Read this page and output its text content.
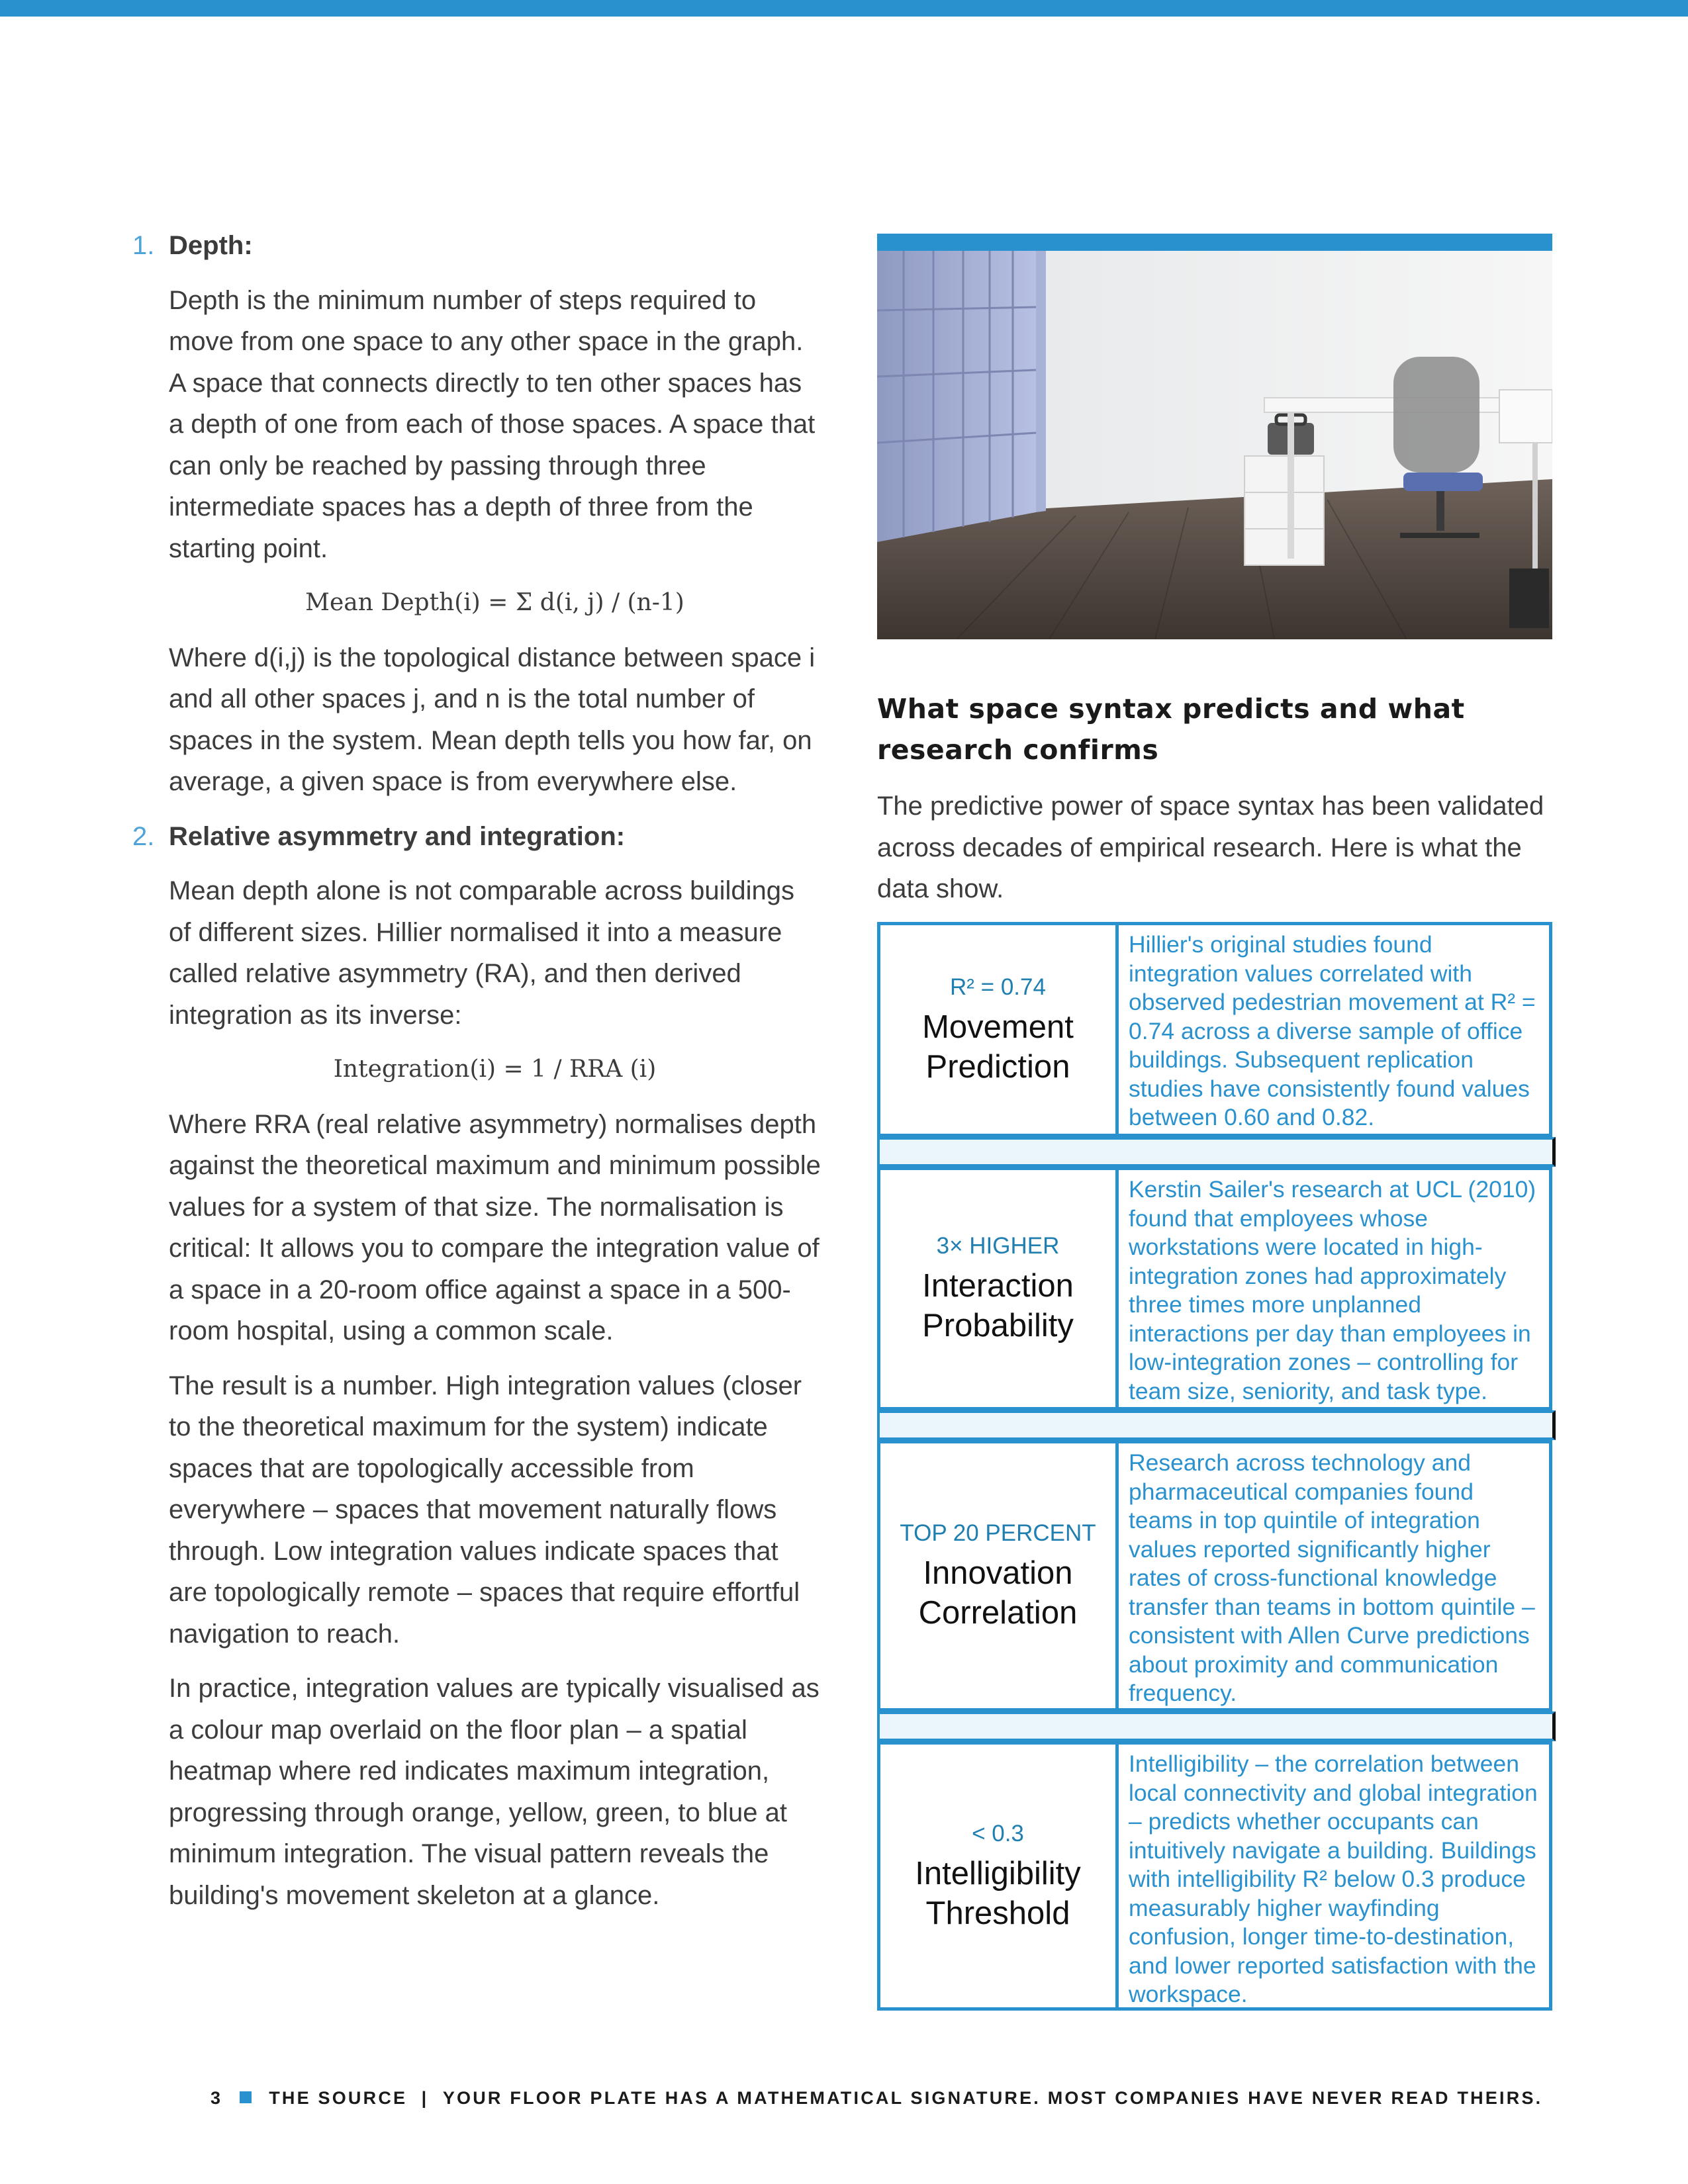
1. Depth:

Depth is the minimum number of steps required to move from one space to any other space in the graph. A space that connects directly to ten other spaces has a depth of one from each of those spaces. A space that can only be reached by passing through three intermediate spaces has a depth of three from the starting point.

Mean Depth(i) = Σ d(i, j) / (n-1)

Where d(i,j) is the topological distance between space i and all other spaces j, and n is the total number of spaces in the system. Mean depth tells you how far, on average, a given space is from everywhere else.

2. Relative asymmetry and integration:

Mean depth alone is not comparable across buildings of different sizes. Hillier normalised it into a measure called relative asymmetry (RA), and then derived integration as its inverse:

Integration(i) = 1 / RRA (i)

Where RRA (real relative asymmetry) normalises depth against the theoretical maximum and minimum possible values for a system of that size. The normalisation is critical: It allows you to compare the integration value of a space in a 20-room office against a space in a 500-room hospital, using a common scale.

The result is a number. High integration values (closer to the theoretical maximum for the system) indicate spaces that are topologically accessible from everywhere – spaces that movement naturally flows through. Low integration values indicate spaces that are topologically remote – spaces that require effortful navigation to reach.

In practice, integration values are typically visualised as a colour map overlaid on the floor plan – a spatial heatmap where red indicates maximum integration, progressing through orange, yellow, green, to blue at minimum integration. The visual pattern reveals the building's movement skeleton at a glance.

What space syntax predicts and what research confirms
The predictive power of space syntax has been validated across decades of empirical research. Here is what the data show.
R² = 0.74
Movement
Prediction
Hillier's original studies found integration values correlated with observed pedestrian movement at R² = 0.74 across a diverse sample of office buildings. Subsequent replication studies have consistently found values between 0.60 and 0.82.
3× HIGHER
Interaction
Probability
Kerstin Sailer's research at UCL (2010) found that employees whose workstations were located in high-integration zones had approximately three times more unplanned interactions per day than employees in low-integration zones – controlling for team size, seniority, and task type.
TOP 20 PERCENT
Innovation
Correlation
Research across technology and pharmaceutical companies found teams in top quintile of integration values reported significantly higher rates of cross-functional knowledge transfer than teams in bottom quintile – consistent with Allen Curve predictions about proximity and communication frequency.
< 0.3
Intelligibility
Threshold
Intelligibility – the correlation between local connectivity and global integration – predicts whether occupants can intuitively navigate a building. Buildings with intelligibility R² below 0.3 produce measurably higher wayfinding confusion, longer time-to-destination, and lower reported satisfaction with the workspace.
3	THE SOURCE | YOUR FLOOR PLATE HAS A MATHEMATICAL SIGNATURE. MOST COMPANIES HAVE NEVER READ THEIRS.
